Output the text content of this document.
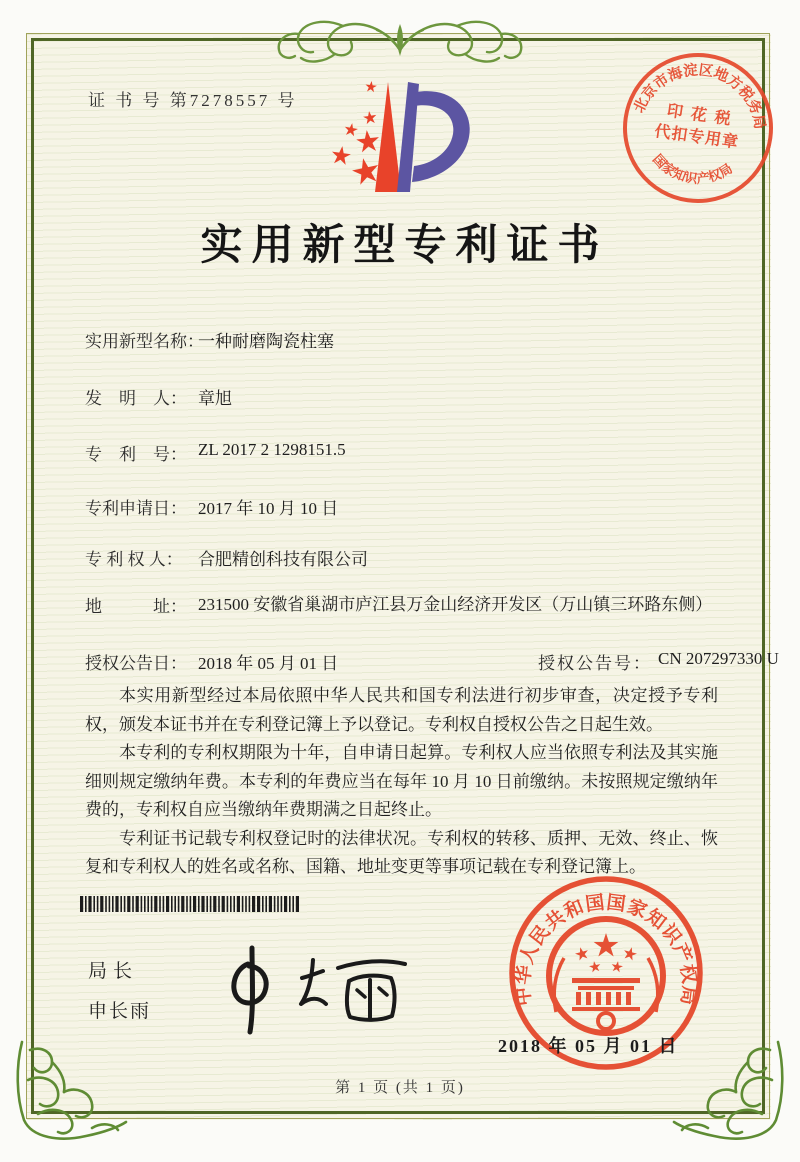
证 书 号 第7278557 号	北京市海淀区地方税务局
印 花 税
代扣专用章
国家知识产权局
实用新型专利证书
实用新型名称：
一种耐磨陶瓷柱塞
发　明　人： 章旭
专　利　号： ZL 2017 2 1298151.5
专利申请日： 2017 年 10 月 10 日
专 利 权 人： 合肥精创科技有限公司
地　　　址： 231500 安徽省巢湖市庐江县万金山经济开发区（万山镇三环路东侧）
授权公告日： 2018 年 05 月 01 日	授权公告号： CN 207297330 U

本实用新型经过本局依照中华人民共和国专利法进行初步审查，决定授予专利权，颁发本证书并在专利登记簿上予以登记。专利权自授权公告之日起生效。

本专利的专利权期限为十年，自申请日起算。专利权人应当依照专利法及其实施细则规定缴纳年费。本专利的年费应当在每年 10 月 10 日前缴纳。未按照规定缴纳年费的，专利权自应当缴纳年费期满之日起终止。

专利证书记载专利权登记时的法律状况。专利权的转移、质押、无效、终止、恢复和专利权人的姓名或名称、国籍、地址变更等事项记载在专利登记簿上。

局长
申长雨
中华人民共和国国家知识产权局
2018 年 05 月 01 日
第 1 页 (共 1 页)
